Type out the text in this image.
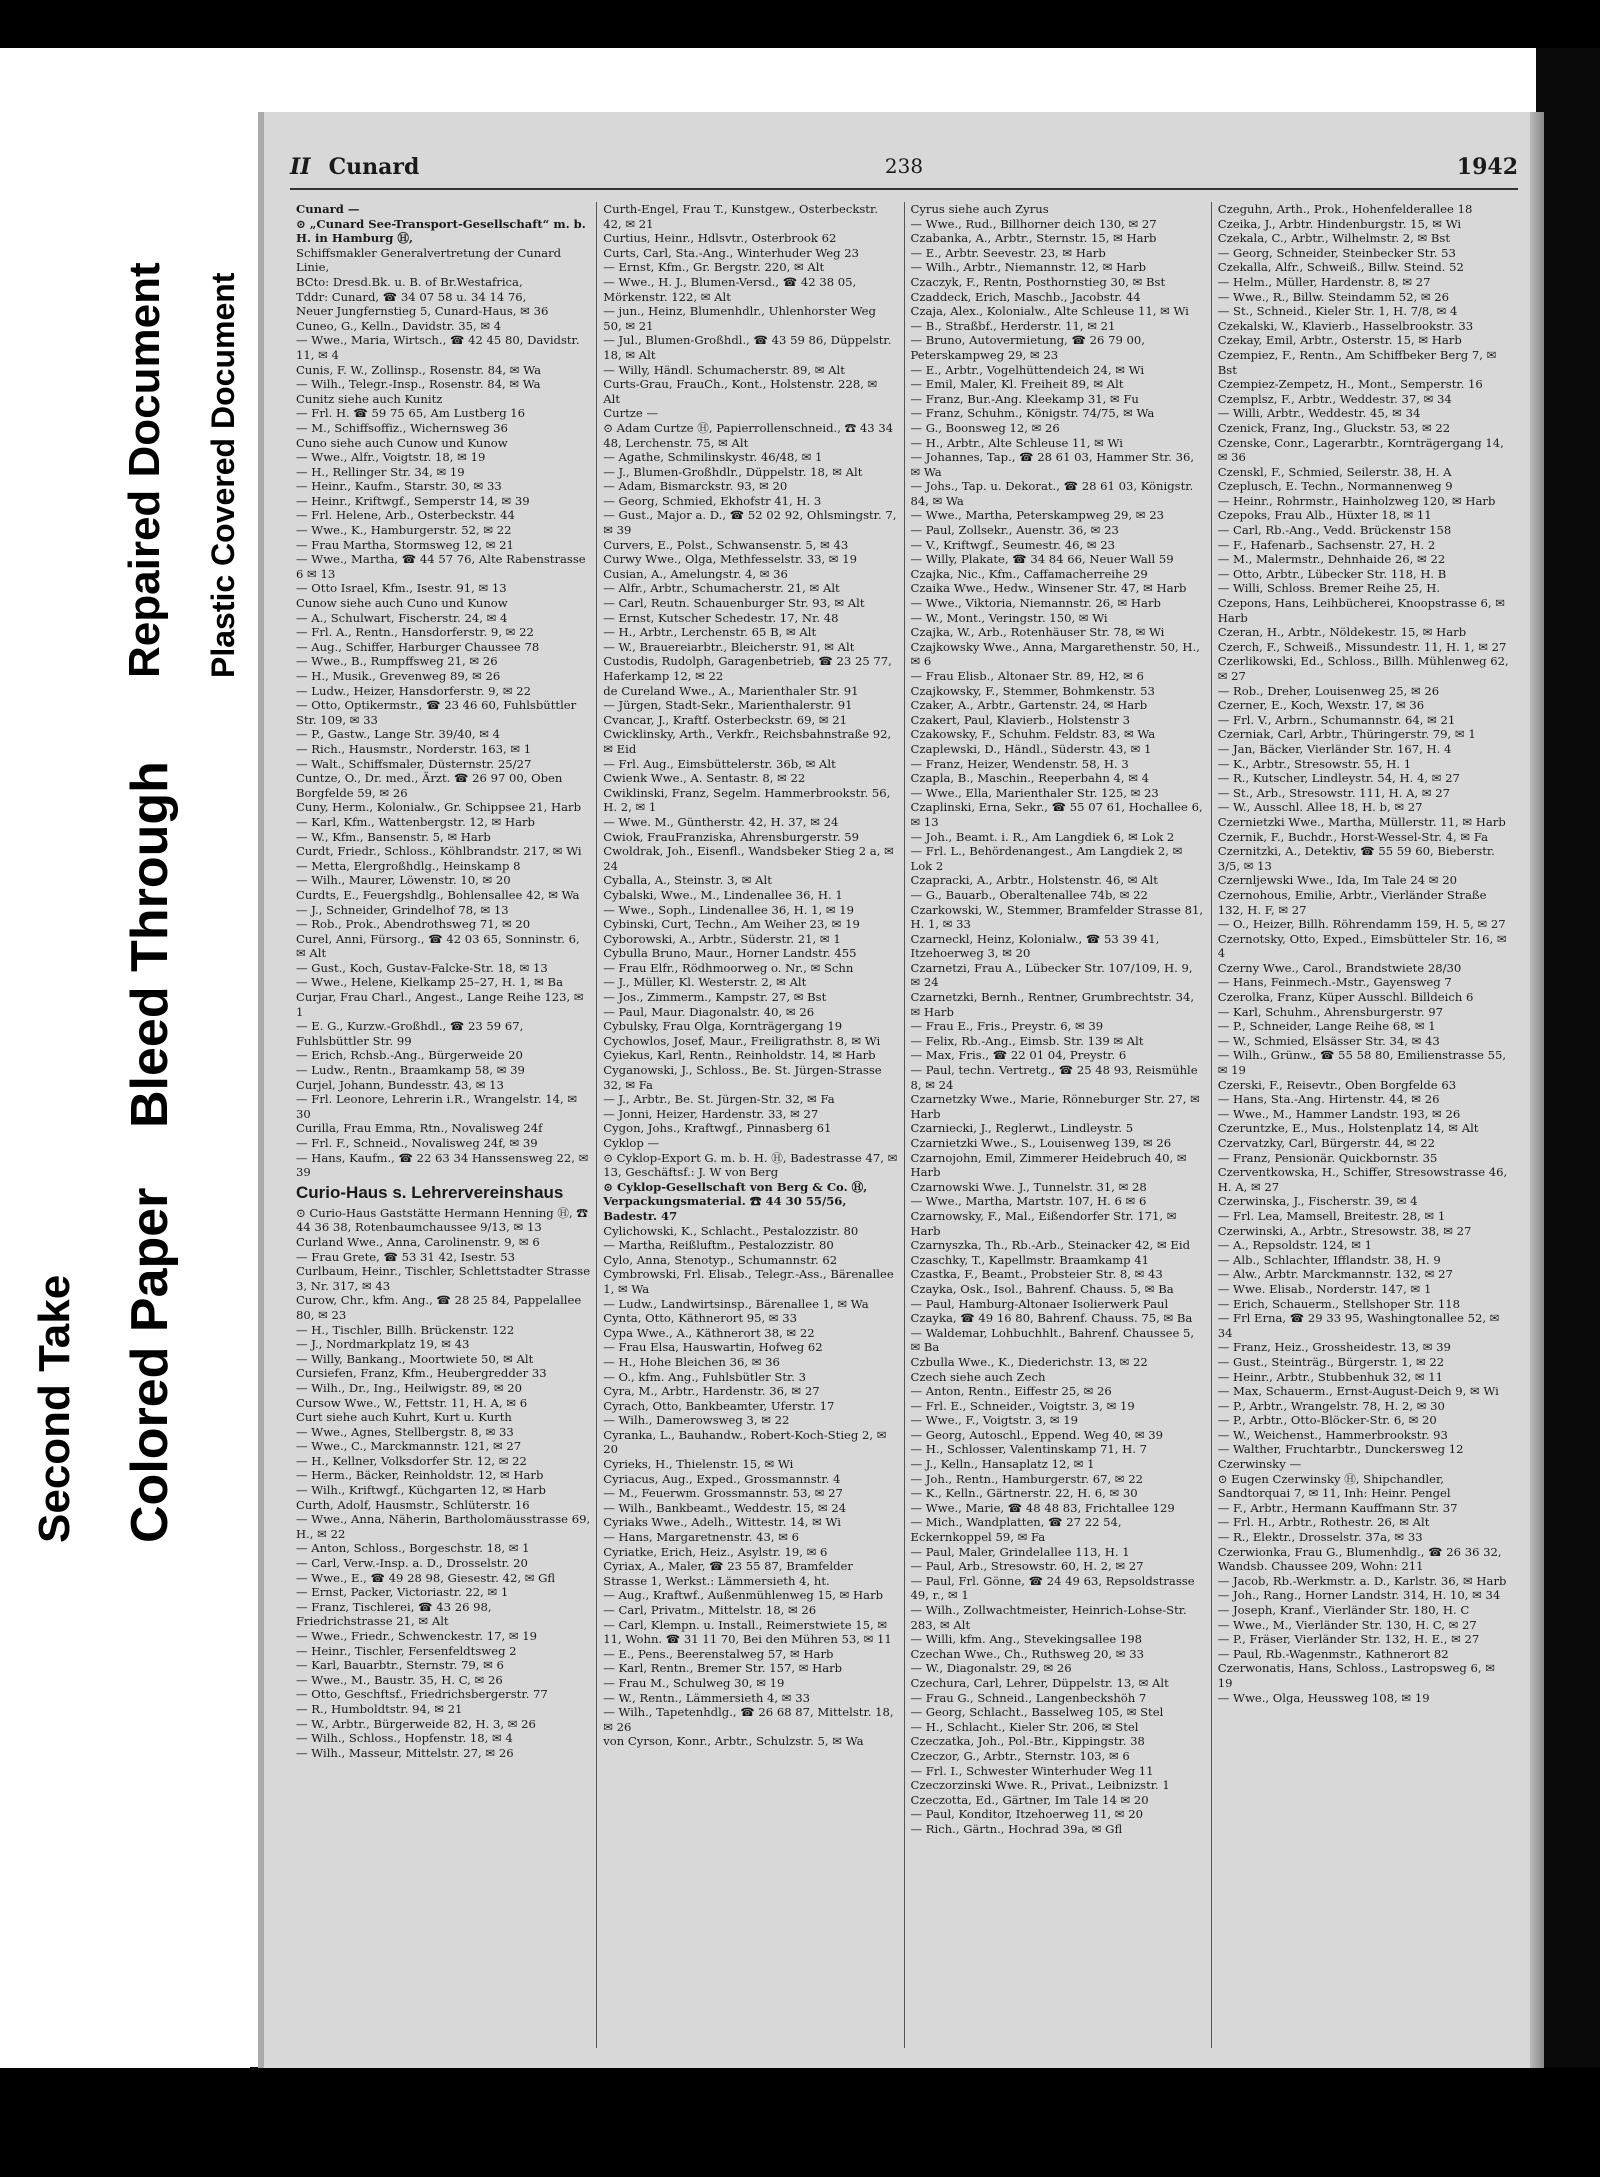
Second Take Colored Paper
Bleed Through
Repaired Document Plastic Covered Document
II Cunard	238	1942

Cunard —

⊙ „Cunard See-Transport-Gesellschaft“ m. b. H. in Hamburg Ⓗ,

Schiffsmakler Generalvertretung der Cunard Linie,

BCto: Dresd.Bk. u. B. of Br.Westafrica,

Tddr: Cunard, ☎ 34 07 58 u. 34 14 76,

Neuer Jungfernstieg 5, Cunard-Haus, ✉ 36

Cuneo, G., Kelln., Davidstr. 35, ✉ 4

— Wwe., Maria, Wirtsch., ☎ 42 45 80, Davidstr. 11, ✉ 4

Cunis, F. W., Zollinsp., Rosenstr. 84, ✉ Wa

— Wilh., Telegr.-Insp., Rosenstr. 84, ✉ Wa

Cunitz siehe auch Kunitz

— Frl. H. ☎ 59 75 65, Am Lustberg 16

— M., Schiffsoffiz., Wichernsweg 36

Cuno siehe auch Cunow und Kunow

— Wwe., Alfr., Voigtstr. 18, ✉ 19

— H., Rellinger Str. 34, ✉ 19

— Heinr., Kaufm., Starstr. 30, ✉ 33

— Heinr., Kriftwgf., Semperstr 14, ✉ 39

— Frl. Helene, Arb., Osterbeckstr. 44

— Wwe., K., Hamburgerstr. 52, ✉ 22

— Frau Martha, Stormsweg 12, ✉ 21

— Wwe., Martha, ☎ 44 57 76, Alte Rabenstrasse 6 ✉ 13

— Otto Israel, Kfm., Isestr. 91, ✉ 13

Cunow siehe auch Cuno und Kunow

— A., Schulwart, Fischerstr. 24, ✉ 4

— Frl. A., Rentn., Hansdorferstr. 9, ✉ 22

— Aug., Schiffer, Harburger Chaussee 78

— Wwe., B., Rumpffsweg 21, ✉ 26

— H., Musik., Grevenweg 89, ✉ 26

— Ludw., Heizer, Hansdorferstr. 9, ✉ 22

— Otto, Optikermstr., ☎ 23 46 60, Fuhlsbüttler Str. 109, ✉ 33

— P., Gastw., Lange Str. 39/40, ✉ 4

— Rich., Hausmstr., Norderstr. 163, ✉ 1

— Walt., Schiffsmaler, Düsternstr. 25/27

Cuntze, O., Dr. med., Ärzt. ☎ 26 97 00, Oben Borgfelde 59, ✉ 26

Cuny, Herm., Kolonialw., Gr. Schippsee 21, Harb

— Karl, Kfm., Wattenbergstr. 12, ✉ Harb

— W., Kfm., Bansenstr. 5, ✉ Harb

Curdt, Friedr., Schloss., Köhlbrandstr. 217, ✉ Wi

— Metta, Elergroßhdlg., Heinskamp 8

— Wilh., Maurer, Löwenstr. 10, ✉ 20

Curdts, E., Feuergshdlg., Bohlensallee 42, ✉ Wa

— J., Schneider, Grindelhof 78, ✉ 13

— Rob., Prok., Abendrothsweg 71, ✉ 20

Curel, Anni, Fürsorg., ☎ 42 03 65, Sonninstr. 6, ✉ Alt

— Gust., Koch, Gustav-Falcke-Str. 18, ✉ 13

— Wwe., Helene, Kielkamp 25–27, H. 1, ✉ Ba

Curjar, Frau Charl., Angest., Lange Reihe 123, ✉ 1

— E. G., Kurzw.-Großhdl., ☎ 23 59 67, Fuhlsbüttler Str. 99

— Erich, Rchsb.-Ang., Bürgerweide 20

— Ludw., Rentn., Braamkamp 58, ✉ 39

Curjel, Johann, Bundesstr. 43, ✉ 13

— Frl. Leonore, Lehrerin i.R., Wrangelstr. 14, ✉ 30

Curilla, Frau Emma, Rtn., Novalisweg 24f

— Frl. F., Schneid., Novalisweg 24f, ✉ 39

— Hans, Kaufm., ☎ 22 63 34 Hanssensweg 22, ✉ 39

Curio-Haus s. Lehrervereinshaus

⊙ Curio-Haus Gaststätte Hermann Henning Ⓗ, ☎ 44 36 38, Rotenbaumchaussee 9/13, ✉ 13

Curland Wwe., Anna, Carolinenstr. 9, ✉ 6

— Frau Grete, ☎ 53 31 42, Isestr. 53

Curlbaum, Heinr., Tischler, Schlettstadter Strasse 3, Nr. 317, ✉ 43

Curow, Chr., kfm. Ang., ☎ 28 25 84, Pappelallee 80, ✉ 23

— H., Tischler, Billh. Brückenstr. 122

— J., Nordmarkplatz 19, ✉ 43

— Willy, Bankang., Moortwiete 50, ✉ Alt

Cursiefen, Franz, Kfm., Heubergredder 33

— Wilh., Dr., Ing., Heilwigstr. 89, ✉ 20

Cursow Wwe., W., Fettstr. 11, H. A, ✉ 6

Curt siehe auch Kuhrt, Kurt u. Kurth

— Wwe., Agnes, Stellbergstr. 8, ✉ 33

— Wwe., C., Marckmannstr. 121, ✉ 27

— H., Kellner, Volksdorfer Str. 12, ✉ 22

— Herm., Bäcker, Reinholdstr. 12, ✉ Harb

— Wilh., Kriftwgf., Küchgarten 12, ✉ Harb

Curth, Adolf, Hausmstr., Schlüterstr. 16

— Wwe., Anna, Näherin, Bartholomäusstrasse 69, H., ✉ 22

— Anton, Schloss., Borgeschstr. 18, ✉ 1

— Carl, Verw.-Insp. a. D., Drosselstr. 20

— Wwe., E., ☎ 49 28 98, Giesestr. 42, ✉ Gfl

— Ernst, Packer, Victoriastr. 22, ✉ 1

— Franz, Tischlerei, ☎ 43 26 98, Friedrichstrasse 21, ✉ Alt

— Wwe., Friedr., Schwenckestr. 17, ✉ 19

— Heinr., Tischler, Fersenfeldtsweg 2

— Karl, Bauarbtr., Sternstr. 79, ✉ 6

— Wwe., M., Baustr. 35, H. C, ✉ 26

— Otto, Geschftsf., Friedrichsbergerstr. 77

— R., Humboldtstr. 94, ✉ 21

— W., Arbtr., Bürgerweide 82, H. 3, ✉ 26

— Wilh., Schloss., Hopfenstr. 18, ✉ 4

— Wilh., Masseur, Mittelstr. 27, ✉ 26

Curth-Engel, Frau T., Kunstgew., Osterbeckstr. 42, ✉ 21

Curtius, Heinr., Hdlsvtr., Osterbrook 62

Curts, Carl, Sta.-Ang., Winterhuder Weg 23

— Ernst, Kfm., Gr. Bergstr. 220, ✉ Alt

— Wwe., H. J., Blumen-Versd., ☎ 42 38 05, Mörkenstr. 122, ✉ Alt

— jun., Heinz, Blumenhdlr., Uhlenhorster Weg 50, ✉ 21

— Jul., Blumen-Großhdl., ☎ 43 59 86, Düppelstr. 18, ✉ Alt

— Willy, Händl. Schumacherstr. 89, ✉ Alt

Curts-Grau, FrauCh., Kont., Holstenstr. 228, ✉ Alt

Curtze —

⊙ Adam Curtze Ⓗ, Papierrollenschneid., ☎ 43 34 48, Lerchenstr. 75, ✉ Alt

— Agathe, Schmilinskystr. 46/48, ✉ 1

— J., Blumen-Großhdlr., Düppelstr. 18, ✉ Alt

— Adam, Bismarckstr. 93, ✉ 20

— Georg, Schmied, Ekhofstr 41, H. 3

— Gust., Major a. D., ☎ 52 02 92, Ohlsmingstr. 7, ✉ 39

Curvers, E., Polst., Schwansenstr. 5, ✉ 43

Curwy Wwe., Olga, Methfesselstr. 33, ✉ 19

Cusian, A., Amelungstr. 4, ✉ 36

— Alfr., Arbtr., Schumacherstr. 21, ✉ Alt

— Carl, Reutn. Schauenburger Str. 93, ✉ Alt

— Ernst, Kutscher Schedestr. 17, Nr. 48

— H., Arbtr., Lerchenstr. 65 B, ✉ Alt

— W., Brauereiarbtr., Bleicherstr. 91, ✉ Alt

Custodis, Rudolph, Garagenbetrieb, ☎ 23 25 77, Haferkamp 12, ✉ 22

de Cureland Wwe., A., Marienthaler Str. 91

— Jürgen, Stadt-Sekr., Marienthalerstr. 91

Cvancar, J., Kraftf. Osterbeckstr. 69, ✉ 21

Cwicklinsky, Arth., Verkfr., Reichsbahnstraße 92, ✉ Eid

— Frl. Aug., Eimsbüttelerstr. 36b, ✉ Alt

Cwienk Wwe., A. Sentastr. 8, ✉ 22

Cwiklinski, Franz, Segelm. Hammerbrookstr. 56, H. 2, ✉ 1

— Wwe. M., Güntherstr. 42, H. 37, ✉ 24

Cwiok, FrauFranziska, Ahrensburgerstr. 59

Cwoldrak, Joh., Eisenfl., Wandsbeker Stieg 2 a, ✉ 24

Cyballa, A., Steinstr. 3, ✉ Alt

Cybalski, Wwe., M., Lindenallee 36, H. 1

— Wwe., Soph., Lindenallee 36, H. 1, ✉ 19

Cybinski, Curt, Techn., Am Weiher 23, ✉ 19

Cyborowski, A., Arbtr., Süderstr. 21, ✉ 1

Cybulla Bruno, Maur., Horner Landstr. 455

— Frau Elfr., Rödhmoorweg o. Nr., ✉ Schn

— J., Müller, Kl. Westerstr. 2, ✉ Alt

— Jos., Zimmerm., Kampstr. 27, ✉ Bst

— Paul, Maur. Diagonalstr. 40, ✉ 26

Cybulsky, Frau Olga, Kornträgergang 19

Cychowlos, Josef, Maur., Freiligrathstr. 8, ✉ Wi

Cyiekus, Karl, Rentn., Reinholdstr. 14, ✉ Harb

Cyganowski, J., Schloss., Be. St. Jürgen-Strasse 32, ✉ Fa

— J., Arbtr., Be. St. Jürgen-Str. 32, ✉ Fa

— Jonni, Heizer, Hardenstr. 33, ✉ 27

Cygon, Johs., Kraftwgf., Pinnasberg 61

Cyklop —

⊙ Cyklop-Export G. m. b. H. Ⓗ, Badestrasse 47, ✉ 13, Geschäftsf.: J. W von Berg

⊙ Cyklop-Gesellschaft von Berg & Co. Ⓗ, Verpackungsmaterial. ☎ 44 30 55/56, Badestr. 47

Cylichowski, K., Schlacht., Pestalozzistr. 80

— Martha, Reißluftm., Pestalozzistr. 80

Cylo, Anna, Stenotyp., Schumannstr. 62

Cymbrowski, Frl. Elisab., Telegr.-Ass., Bärenallee 1, ✉ Wa

— Ludw., Landwirtsinsp., Bärenallee 1, ✉ Wa

Cynta, Otto, Käthnerort 95, ✉ 33

Cypa Wwe., A., Käthnerort 38, ✉ 22

— Frau Elsa, Hauswartin, Hofweg 62

— H., Hohe Bleichen 36, ✉ 36

— O., kfm. Ang., Fuhlsbütler Str. 3

Cyra, M., Arbtr., Hardenstr. 36, ✉ 27

Cyrach, Otto, Bankbeamter, Uferstr. 17

— Wilh., Damerowsweg 3, ✉ 22

Cyranka, L., Bauhandw., Robert-Koch-Stieg 2, ✉ 20

Cyrieks, H., Thielenstr. 15, ✉ Wi

Cyriacus, Aug., Exped., Grossmannstr. 4

— M., Feuerwm. Grossmannstr. 53, ✉ 27

— Wilh., Bankbeamt., Weddestr. 15, ✉ 24

Cyriaks Wwe., Adelh., Wittestr. 14, ✉ Wi

— Hans, Margaretnenstr. 43, ✉ 6

Cyriatke, Erich, Heiz., Asylstr. 19, ✉ 6

Cyriax, A., Maler, ☎ 23 55 87, Bramfelder Strasse 1, Werkst.: Lämmersieth 4, ht.

— Aug., Kraftwf., Außenmühlenweg 15, ✉ Harb

— Carl, Privatm., Mittelstr. 18, ✉ 26

— Carl, Klempn. u. Install., Reimerstwiete 15, ✉ 11, Wohn. ☎ 31 11 70, Bei den Mühren 53, ✉ 11

— E., Pens., Beerenstalweg 57, ✉ Harb

— Karl, Rentn., Bremer Str. 157, ✉ Harb

— Frau M., Schulweg 30, ✉ 19

— W., Rentn., Lämmersieth 4, ✉ 33

— Wilh., Tapetenhdlg., ☎ 26 68 87, Mittelstr. 18, ✉ 26

von Cyrson, Konr., Arbtr., Schulzstr. 5, ✉ Wa

Cyrus siehe auch Zyrus

— Wwe., Rud., Billhorner deich 130, ✉ 27

Czabanka, A., Arbtr., Sternstr. 15, ✉ Harb

— E., Arbtr. Seevestr. 23, ✉ Harb

— Wilh., Arbtr., Niemannstr. 12, ✉ Harb

Czaczyk, F., Rentn, Posthornstieg 30, ✉ Bst

Czaddeck, Erich, Maschb., Jacobstr. 44

Czaja, Alex., Kolonialw., Alte Schleuse 11, ✉ Wi

— B., Straßbf., Herderstr. 11, ✉ 21

— Bruno, Autovermietung, ☎ 26 79 00, Peterskampweg 29, ✉ 23

— E., Arbtr., Vogelhüttendeich 24, ✉ Wi

— Emil, Maler, Kl. Freiheit 89, ✉ Alt

— Franz, Bur.-Ang. Kleekamp 31, ✉ Fu

— Franz, Schuhm., Königstr. 74/75, ✉ Wa

— G., Boonsweg 12, ✉ 26

— H., Arbtr., Alte Schleuse 11, ✉ Wi

— Johannes, Tap., ☎ 28 61 03, Hammer Str. 36, ✉ Wa

— Johs., Tap. u. Dekorat., ☎ 28 61 03, Königstr. 84, ✉ Wa

— Wwe., Martha, Peterskampweg 29, ✉ 23

— Paul, Zollsekr., Auenstr. 36, ✉ 23

— V., Kriftwgf., Seumestr. 46, ✉ 23

— Willy, Plakate, ☎ 34 84 66, Neuer Wall 59

Czajka, Nic., Kfm., Caffamacherreihe 29

Czaika Wwe., Hedw., Winsener Str. 47, ✉ Harb

— Wwe., Viktoria, Niemannstr. 26, ✉ Harb

— W., Mont., Veringstr. 150, ✉ Wi

Czajka, W., Arb., Rotenhäuser Str. 78, ✉ Wi

Czajkowsky Wwe., Anna, Margarethenstr. 50, H., ✉ 6

— Frau Elisb., Altonaer Str. 89, H2, ✉ 6

Czajkowsky, F., Stemmer, Bohmkenstr. 53

Czaker, A., Arbtr., Gartenstr. 24, ✉ Harb

Czakert, Paul, Klavierb., Holstenstr 3

Czakowsky, F., Schuhm. Feldstr. 83, ✉ Wa

Czaplewski, D., Händl., Süderstr. 43, ✉ 1

— Franz, Heizer, Wendenstr. 58, H. 3

Czapla, B., Maschin., Reeperbahn 4, ✉ 4

— Wwe., Ella, Marienthaler Str. 125, ✉ 23

Czaplinski, Erna, Sekr., ☎ 55 07 61, Hochallee 6, ✉ 13

— Joh., Beamt. i. R., Am Langdiek 6, ✉ Lok 2

— Frl. L., Behördenangest., Am Langdiek 2, ✉ Lok 2

Czapracki, A., Arbtr., Holstenstr. 46, ✉ Alt

— G., Bauarb., Oberaltenallee 74b, ✉ 22

Czarkowski, W., Stemmer, Bramfelder Strasse 81, H. 1, ✉ 33

Czarneckl, Heinz, Kolonialw., ☎ 53 39 41, Itzehoerweg 3, ✉ 20

Czarnetzi, Frau A., Lübecker Str. 107/109, H. 9, ✉ 24

Czarnetzki, Bernh., Rentner, Grumbrechtstr. 34, ✉ Harb

— Frau E., Fris., Preystr. 6, ✉ 39

— Felix, Rb.-Ang., Eimsb. Str. 139 ✉ Alt

— Max, Fris., ☎ 22 01 04, Preystr. 6

— Paul, techn. Vertretg., ☎ 25 48 93, Reismühle 8, ✉ 24

Czarnetzky Wwe., Marie, Rönneburger Str. 27, ✉ Harb

Czarniecki, J., Reglerwt., Lindleystr. 5

Czarnietzki Wwe., S., Louisenweg 139, ✉ 26

Czarnojohn, Emil, Zimmerer Heidebruch 40, ✉ Harb

Czarnowski Wwe. J., Tunnelstr. 31, ✉ 28

— Wwe., Martha, Martstr. 107, H. 6 ✉ 6

Czarnowsky, F., Mal., Eißendorfer Str. 171, ✉ Harb

Czarnyszka, Th., Rb.-Arb., Steinacker 42, ✉ Eid

Czaschky, T., Kapellmstr. Braamkamp 41

Czastka, F., Beamt., Probsteier Str. 8, ✉ 43

Czayka, Osk., Isol., Bahrenf. Chauss. 5, ✉ Ba

— Paul, Hamburg-Altonaer Isolierwerk Paul Czayka, ☎ 49 16 80, Bahrenf. Chauss. 75, ✉ Ba

— Waldemar, Lohbuchhlt., Bahrenf. Chaussee 5, ✉ Ba

Czbulla Wwe., K., Diederichstr. 13, ✉ 22

Czech siehe auch Zech

— Anton, Rentn., Eiffestr 25, ✉ 26

— Frl. E., Schneider., Voigtstr. 3, ✉ 19

— Wwe., F., Voigtstr. 3, ✉ 19

— Georg, Autoschl., Eppend. Weg 40, ✉ 39

— H., Schlosser, Valentinskamp 71, H. 7

— J., Kelln., Hansaplatz 12, ✉ 1

— Joh., Rentn., Hamburgerstr. 67, ✉ 22

— K., Kelln., Gärtnerstr. 22, H. 6, ✉ 30

— Wwe., Marie, ☎ 48 48 83, Frichtallee 129

— Mich., Wandplatten, ☎ 27 22 54, Eckernkoppel 59, ✉ Fa

— Paul, Maler, Grindelallee 113, H. 1

— Paul, Arb., Stresowstr. 60, H. 2, ✉ 27

— Paul, Frl. Gönne, ☎ 24 49 63, Repsoldstrasse 49, r., ✉ 1

— Wilh., Zollwachtmeister, Heinrich-Lohse-Str. 283, ✉ Alt

— Willi, kfm. Ang., Stevekingsallee 198

Czechan Wwe., Ch., Ruthsweg 20, ✉ 33

— W., Diagonalstr. 29, ✉ 26

Czechura, Carl, Lehrer, Düppelstr. 13, ✉ Alt

— Frau G., Schneid., Langenbeckshöh 7

— Georg, Schlacht., Basselweg 105, ✉ Stel

— H., Schlacht., Kieler Str. 206, ✉ Stel

Czeczatka, Joh., Pol.-Btr., Kippingstr. 38

Czeczor, G., Arbtr., Sternstr. 103, ✉ 6

— Frl. I., Schwester Winterhuder Weg 11

Czeczorzinski Wwe. R., Privat., Leibnizstr. 1

Czeczotta, Ed., Gärtner, Im Tale 14 ✉ 20

— Paul, Konditor, Itzehoerweg 11, ✉ 20

— Rich., Gärtn., Hochrad 39a, ✉ Gfl

Czeguhn, Arth., Prok., Hohenfelderallee 18

Czeika, J., Arbtr. Hindenburgstr. 15, ✉ Wi

Czekala, C., Arbtr., Wilhelmstr. 2, ✉ Bst

— Georg, Schneider, Steinbecker Str. 53

Czekalla, Alfr., Schweiß., Billw. Steind. 52

— Helm., Müller, Hardenstr. 8, ✉ 27

— Wwe., R., Billw. Steindamm 52, ✉ 26

— St., Schneid., Kieler Str. 1, H. 7/8, ✉ 4

Czekalski, W., Klavierb., Hasselbrookstr. 33

Czekay, Emil, Arbtr., Osterstr. 15, ✉ Harb

Czempiez, F., Rentn., Am Schiffbeker Berg 7, ✉ Bst

Czempiez-Zempetz, H., Mont., Semperstr. 16

Czemplsz, F., Arbtr., Weddestr. 37, ✉ 34

— Willi, Arbtr., Weddestr. 45, ✉ 34

Czenick, Franz, Ing., Gluckstr. 53, ✉ 22

Czenske, Conr., Lagerarbtr., Kornträgergang 14, ✉ 36

Czenskl, F., Schmied, Seilerstr. 38, H. A

Czeplusch, E. Techn., Normannenweg 9

— Heinr., Rohrmstr., Hainholzweg 120, ✉ Harb

Czepoks, Frau Alb., Hüxter 18, ✉ 11

— Carl, Rb.-Ang., Vedd. Brückenstr 158

— F., Hafenarb., Sachsenstr. 27, H. 2

— M., Malermstr., Dehnhaide 26, ✉ 22

— Otto, Arbtr., Lübecker Str. 118, H. B

— Willi, Schloss. Bremer Reihe 25, H.

Czepons, Hans, Leihbücherei, Knoopstrasse 6, ✉ Harb

Czeran, H., Arbtr., Nöldekestr. 15, ✉ Harb

Czerch, F., Schweiß., Missundestr. 11, H. 1, ✉ 27

Czerlikowski, Ed., Schloss., Billh. Mühlenweg 62, ✉ 27

— Rob., Dreher, Louisenweg 25, ✉ 26

Czerner, E., Koch, Wexstr. 17, ✉ 36

— Frl. V., Arbrn., Schumannstr. 64, ✉ 21

Czerniak, Carl, Arbtr., Thüringerstr. 79, ✉ 1

— Jan, Bäcker, Vierländer Str. 167, H. 4

— K., Arbtr., Stresowstr. 55, H. 1

— R., Kutscher, Lindleystr. 54, H. 4, ✉ 27

— St., Arb., Stresowstr. 111, H. A, ✉ 27

— W., Ausschl. Allee 18, H. b, ✉ 27

Czernietzki Wwe., Martha, Müllerstr. 11, ✉ Harb

Czernik, F., Buchdr., Horst-Wessel-Str. 4, ✉ Fa

Czernitzki, A., Detektiv, ☎ 55 59 60, Bieberstr. 3/5, ✉ 13

Czernljewski Wwe., Ida, Im Tale 24 ✉ 20

Czernohous, Emilie, Arbtr., Vierländer Straße 132, H. F, ✉ 27

— O., Heizer, Billh. Röhrendamm 159, H. 5, ✉ 27

Czernotsky, Otto, Exped., Eimsbütteler Str. 16, ✉ 4

Czerny Wwe., Carol., Brandstwiete 28/30

— Hans, Feinmech.-Mstr., Gayensweg 7

Czerolka, Franz, Küper Ausschl. Billdeich 6

— Karl, Schuhm., Ahrensburgerstr. 97

— P., Schneider, Lange Reihe 68, ✉ 1

— W., Schmied, Elsässer Str. 34, ✉ 43

— Wilh., Grünw., ☎ 55 58 80, Emilienstrasse 55, ✉ 19

Czerski, F., Reisevtr., Oben Borgfelde 63

— Hans, Sta.-Ang. Hirtenstr. 44, ✉ 26

— Wwe., M., Hammer Landstr. 193, ✉ 26

Czeruntzke, E., Mus., Holstenplatz 14, ✉ Alt

Czervatzky, Carl, Bürgerstr. 44, ✉ 22

— Franz, Pensionär. Quickbornstr. 35

Czerventkowska, H., Schiffer, Stresowstrasse 46, H. A, ✉ 27

Czerwinska, J., Fischerstr. 39, ✉ 4

— Frl. Lea, Mamsell, Breitestr. 28, ✉ 1

Czerwinski, A., Arbtr., Stresowstr. 38, ✉ 27

— A., Repsoldstr. 124, ✉ 1

— Alb., Schlachter, Ifflandstr. 38, H. 9

— Alw., Arbtr. Marckmannstr. 132, ✉ 27

— Wwe. Elisab., Norderstr. 147, ✉ 1

— Erich, Schauerm., Stellshoper Str. 118

— Frl Erna, ☎ 29 33 95, Washingtonallee 52, ✉ 34

— Franz, Heiz., Grossheidestr. 13, ✉ 39

— Gust., Steinträg., Bürgerstr. 1, ✉ 22

— Heinr., Arbtr., Stubbenhuk 32, ✉ 11

— Max, Schauerm., Ernst-August-Deich 9, ✉ Wi

— P., Arbtr., Wrangelstr. 78, H. 2, ✉ 30

— P., Arbtr., Otto-Blöcker-Str. 6, ✉ 20

— W., Weichenst., Hammerbrookstr. 93

— Walther, Fruchtarbtr., Dunckersweg 12

Czerwinsky —

⊙ Eugen Czerwinsky Ⓗ, Shipchandler, Sandtorquai 7, ✉ 11, Inh: Heinr. Pengel

— F., Arbtr., Hermann Kauffmann Str. 37

— Frl. H., Arbtr., Rothestr. 26, ✉ Alt

— R., Elektr., Drosselstr. 37a, ✉ 33

Czerwionka, Frau G., Blumenhdlg., ☎ 26 36 32, Wandsb. Chaussee 209, Wohn: 211

— Jacob, Rb.-Werkmstr. a. D., Karlstr. 36, ✉ Harb

— Joh., Rang., Horner Landstr. 314, H. 10, ✉ 34

— Joseph, Kranf., Vierländer Str. 180, H. C

— Wwe., M., Vierländer Str. 130, H. C, ✉ 27

— P., Fräser, Vierländer Str. 132, H. E., ✉ 27

— Paul, Rb.-Wagenmstr., Kathnerort 82

Czerwonatis, Hans, Schloss., Lastropsweg 6, ✉ 19

— Wwe., Olga, Heussweg 108, ✉ 19
